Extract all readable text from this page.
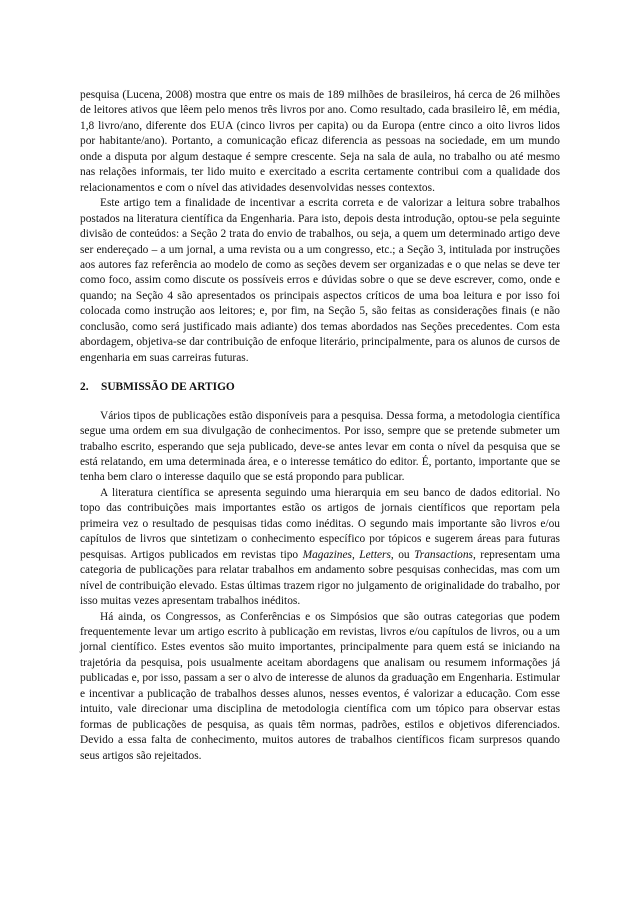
pesquisa (Lucena, 2008) mostra que entre os mais de 189 milhões de brasileiros, há cerca de 26 milhões de leitores ativos que lêem pelo menos três livros por ano. Como resultado, cada brasileiro lê, em média, 1,8 livro/ano, diferente dos EUA (cinco livros per capita) ou da Europa (entre cinco a oito livros lidos por habitante/ano). Portanto, a comunicação eficaz diferencia as pessoas na sociedade, em um mundo onde a disputa por algum destaque é sempre crescente. Seja na sala de aula, no trabalho ou até mesmo nas relações informais, ter lido muito e exercitado a escrita certamente contribui com a qualidade dos relacionamentos e com o nível das atividades desenvolvidas nesses contextos.

Este artigo tem a finalidade de incentivar a escrita correta e de valorizar a leitura sobre trabalhos postados na literatura científica da Engenharia. Para isto, depois desta introdução, optou-se pela seguinte divisão de conteúdos: a Seção 2 trata do envio de trabalhos, ou seja, a quem um determinado artigo deve ser endereçado – a um jornal, a uma revista ou a um congresso, etc.; a Seção 3, intitulada por instruções aos autores faz referência ao modelo de como as seções devem ser organizadas e o que nelas se deve ter como foco, assim como discute os possíveis erros e dúvidas sobre o que se deve escrever, como, onde e quando; na Seção 4 são apresentados os principais aspectos críticos de uma boa leitura e por isso foi colocada como instrução aos leitores; e, por fim, na Seção 5, são feitas as considerações finais (e não conclusão, como será justificado mais adiante) dos temas abordados nas Seções precedentes. Com esta abordagem, objetiva-se dar contribuição de enfoque literário, principalmente, para os alunos de cursos de engenharia em suas carreiras futuras.

2. SUBMISSÃO DE ARTIGO

Vários tipos de publicações estão disponíveis para a pesquisa. Dessa forma, a metodologia científica segue uma ordem em sua divulgação de conhecimentos. Por isso, sempre que se pretende submeter um trabalho escrito, esperando que seja publicado, deve-se antes levar em conta o nível da pesquisa que se está relatando, em uma determinada área, e o interesse temático do editor. É, portanto, importante que se tenha bem claro o interesse daquilo que se está propondo para publicar.

A literatura científica se apresenta seguindo uma hierarquia em seu banco de dados editorial. No topo das contribuições mais importantes estão os artigos de jornais científicos que reportam pela primeira vez o resultado de pesquisas tidas como inéditas. O segundo mais importante são livros e/ou capítulos de livros que sintetizam o conhecimento específico por tópicos e sugerem áreas para futuras pesquisas. Artigos publicados em revistas tipo Magazines, Letters, ou Transactions, representam uma categoria de publicações para relatar trabalhos em andamento sobre pesquisas conhecidas, mas com um nível de contribuição elevado. Estas últimas trazem rigor no julgamento de originalidade do trabalho, por isso muitas vezes apresentam trabalhos inéditos.

Há ainda, os Congressos, as Conferências e os Simpósios que são outras categorias que podem frequentemente levar um artigo escrito à publicação em revistas, livros e/ou capítulos de livros, ou a um jornal científico. Estes eventos são muito importantes, principalmente para quem está se iniciando na trajetória da pesquisa, pois usualmente aceitam abordagens que analisam ou resumem informações já publicadas e, por isso, passam a ser o alvo de interesse de alunos da graduação em Engenharia. Estimular e incentivar a publicação de trabalhos desses alunos, nesses eventos, é valorizar a educação. Com esse intuito, vale direcionar uma disciplina de metodologia científica com um tópico para observar estas formas de publicações de pesquisa, as quais têm normas, padrões, estilos e objetivos diferenciados. Devido a essa falta de conhecimento, muitos autores de trabalhos científicos ficam surpresos quando seus artigos são rejeitados.
